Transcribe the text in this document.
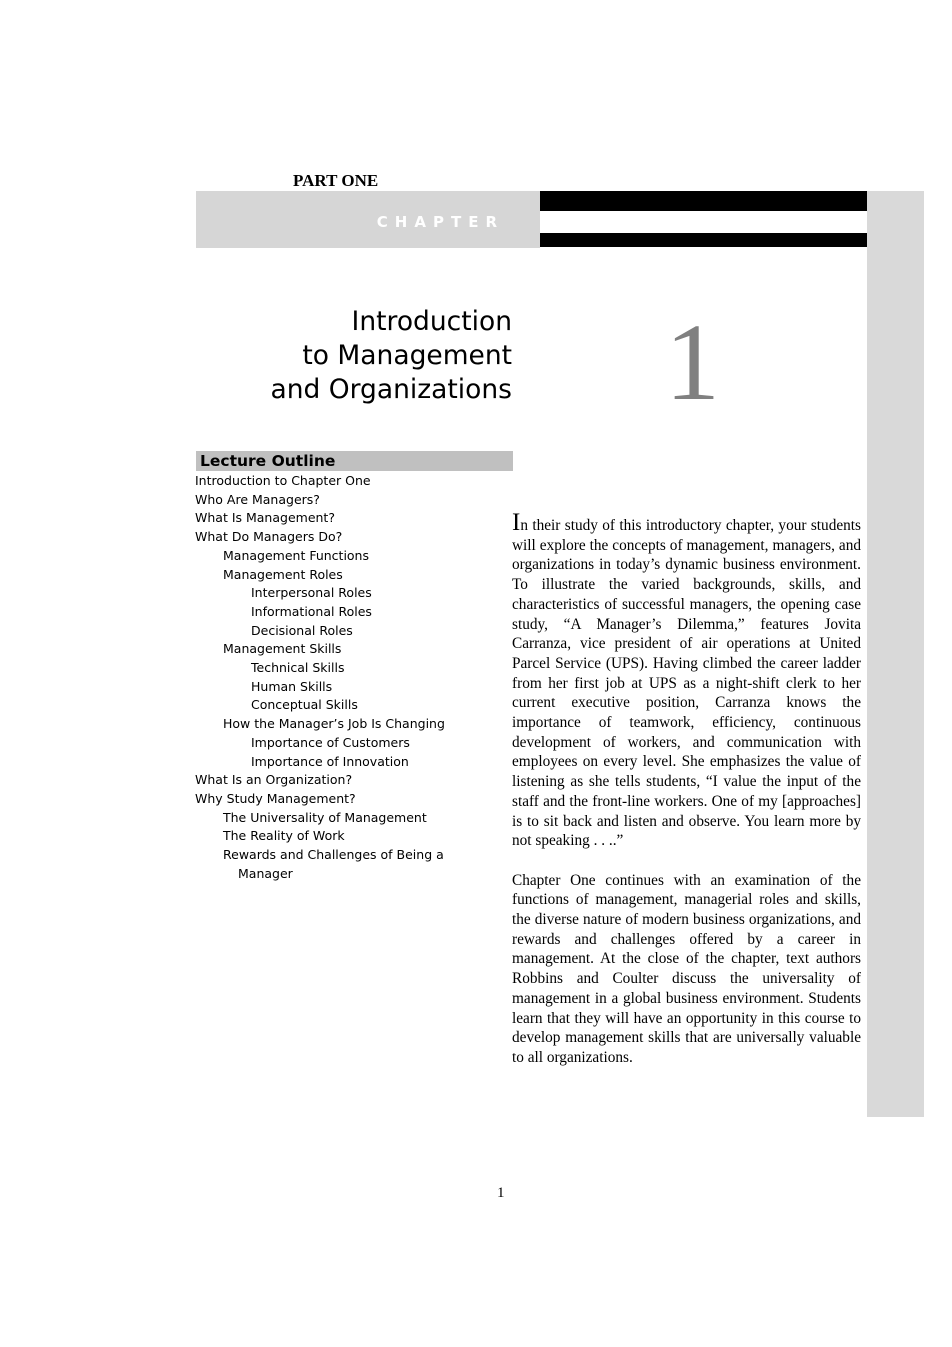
PART ONE
CHAPTER	ONE
Introduction
to Management
and Organizations 1
Lecture Outline
Introduction to Chapter One
Who Are Managers?
What Is Management?
What Do Managers Do?
Management Functions
Management Roles
Interpersonal Roles
Informational Roles
Decisional Roles
Management Skills
Technical Skills
Human Skills
Conceptual Skills
How the Manager’s Job Is Changing
Importance of Customers
Importance of Innovation
What Is an Organization?
Why Study Management?
The Universality of Management
The Reality of Work
Rewards and Challenges of Being a
Manager

In their study of this introductory chapter, your students will explore the concepts of management, managers, and organizations in today’s dynamic business environment. To illustrate the varied backgrounds, skills, and characteristics of successful managers, the opening case study, “A Manager’s Dilemma,” features Jovita Carranza, vice president of air operations at United Parcel Service (UPS). Having climbed the career ladder from her first job at UPS as a night-shift clerk to her current executive position, Carranza knows the importance of teamwork, efficiency, continuous development of workers, and communication with employees on every level. She emphasizes the value of listening as she tells students, “I value the input of the staff and the front-line workers. One of my [approaches] is to sit back and listen and observe. You learn more by not speaking . . ..”

Chapter One continues with an examination of the functions of management, managerial roles and skills, the diverse nature of modern business organizations, and rewards and challenges offered by a career in management. At the close of the chapter, text authors Robbins and Coulter discuss the universality of management in a global business environment. Students learn that they will have an opportunity in this course to develop management skills that are universally valuable to all organizations.

1
